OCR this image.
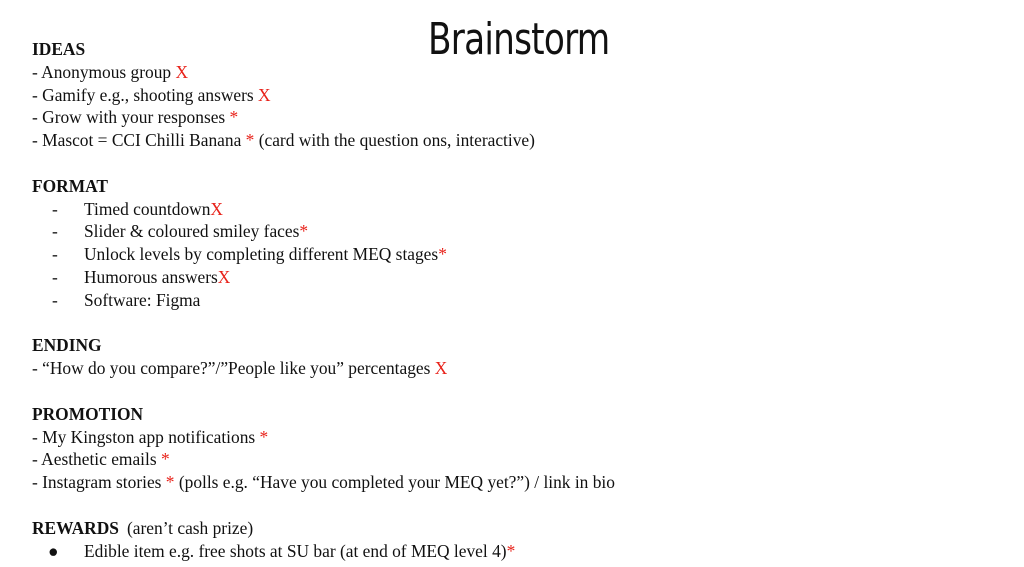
Brainstorm
IDEAS
- Anonymous group X
- Gamify e.g., shooting answers X
- Grow with your responses *
- Mascot = CCI Chilli Banana * (card with the question ons, interactive)
FORMAT
-	Timed countdown X
-	Slider & coloured smiley faces *
-	Unlock levels by completing different MEQ stages *
-	Humorous answers X
-	Software: Figma
ENDING
- “How do you compare?”/”People like you” percentages X
PROMOTION
- My Kingston app notifications *
- Aesthetic emails *
- Instagram stories * (polls e.g. “Have you completed your MEQ yet?”) / link in bio
REWARDS (aren’t cash prize)
●	Edible item e.g. free shots at SU bar (at end of MEQ level 4) *
